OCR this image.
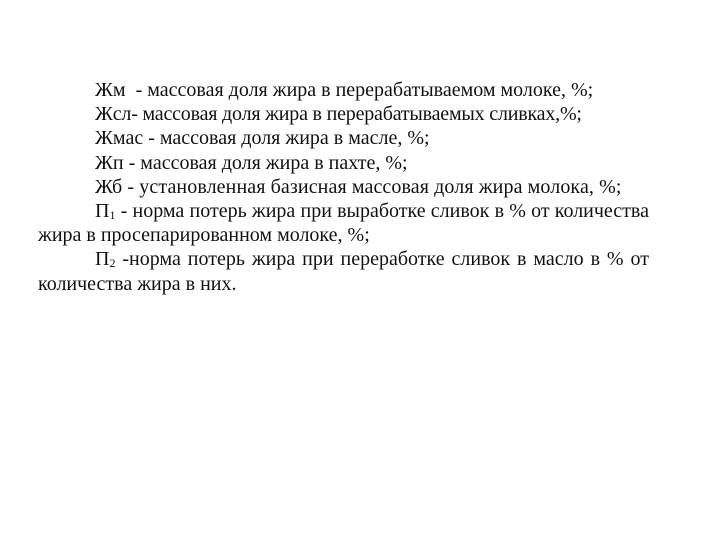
Жм  - массовая доля жира в перерабатываемом молоке, %;

Жсл- массовая доля жира в перерабатываемых сливках,%;

Жмас - массовая доля жира в масле, %;

Жп - массовая доля жира в пахте, %;

Жб - установленная базисная массовая доля жира молока, %;

$П_1$ - норма потерь жира при выработке сливок в % от количества жира в просепарированном молоке, %;

$П_2$ -норма потерь жира при переработке сливок в масло в % от количества жира в них.
